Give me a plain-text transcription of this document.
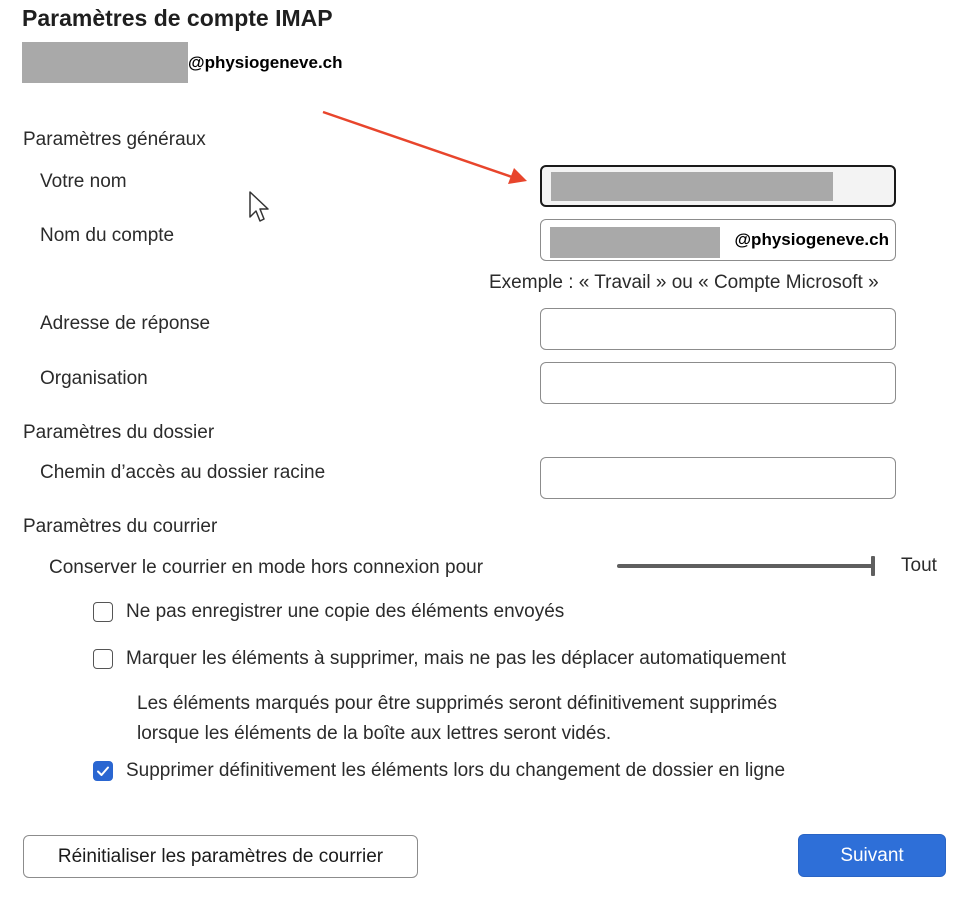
Paramètres de compte IMAP
@physiogeneve.ch
Paramètres généraux
Votre nom
Nom du compte	@physiogeneve.ch
Exemple : « Travail » ou « Compte Microsoft »
Adresse de réponse
Organisation
Paramètres du dossier
Chemin d’accès au dossier racine
Paramètres du courrier
Conserver le courrier en mode hors connexion pour	Tout
Ne pas enregistrer une copie des éléments envoyés
Marquer les éléments à supprimer, mais ne pas les déplacer automatiquement
Les éléments marqués pour être supprimés seront définitivement supprimés
lorsque les éléments de la boîte aux lettres seront vidés.
Supprimer définitivement les éléments lors du changement de dossier en ligne
Réinitialiser les paramètres de courrier	Suivant
